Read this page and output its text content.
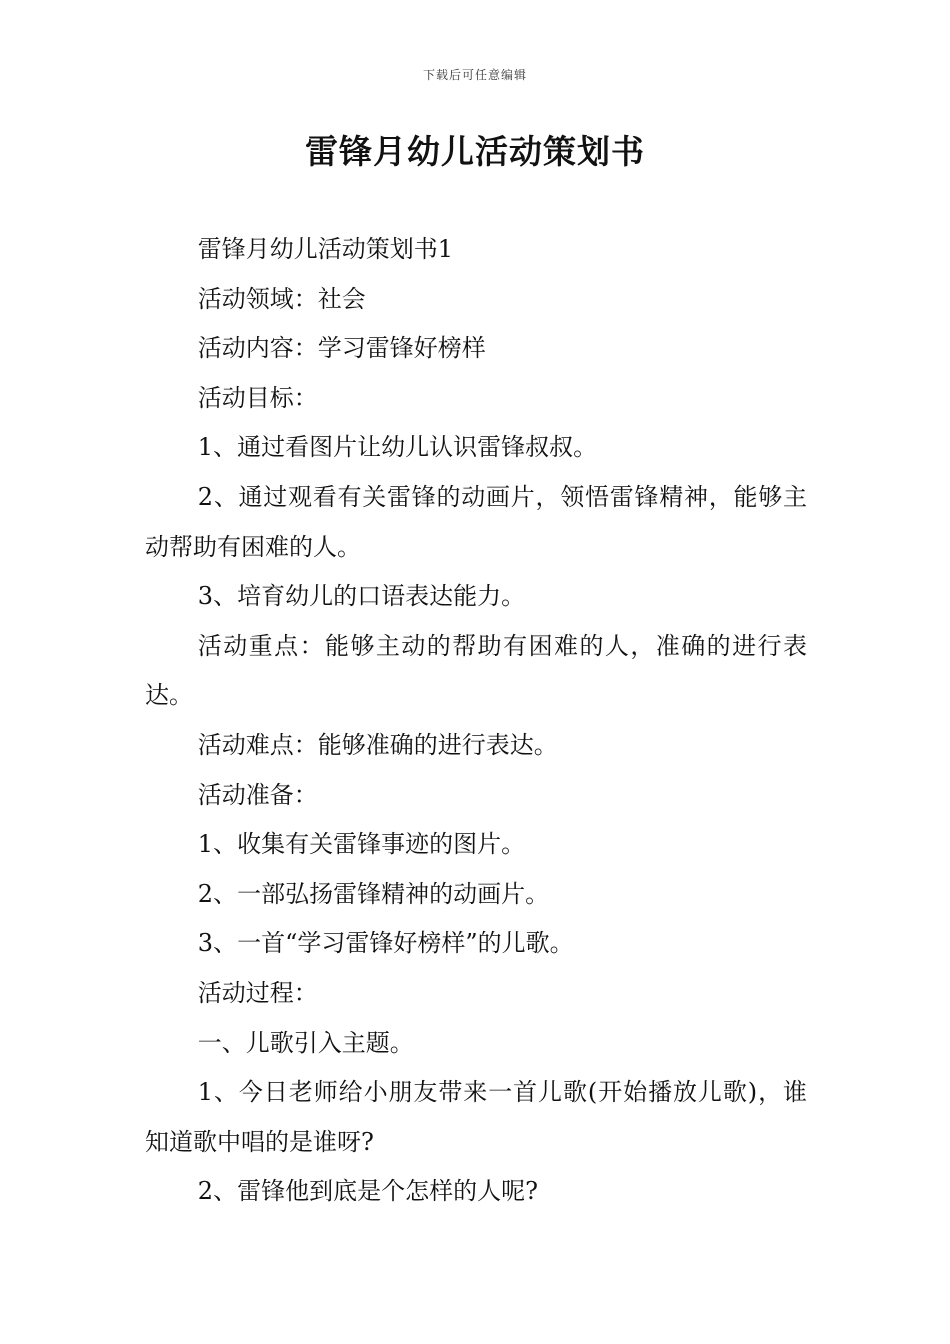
下载后可任意编辑
雷锋月幼儿活动策划书

雷锋月幼儿活动策划书1

活动领域：社会

活动内容：学习雷锋好榜样

活动目标：

1、通过看图片让幼儿认识雷锋叔叔。

2、通过观看有关雷锋的动画片，领悟雷锋精神，能够主动帮助有困难的人。

3、培育幼儿的口语表达能力。

活动重点：能够主动的帮助有困难的人，准确的进行表达。

活动难点：能够准确的进行表达。

活动准备：

1、收集有关雷锋事迹的图片。

2、一部弘扬雷锋精神的动画片。

3、一首“学习雷锋好榜样”的儿歌。

活动过程：

一、儿歌引入主题。

1、今日老师给小朋友带来一首儿歌(开始播放儿歌)，谁知道歌中唱的是谁呀?

2、雷锋他到底是个怎样的人呢?
